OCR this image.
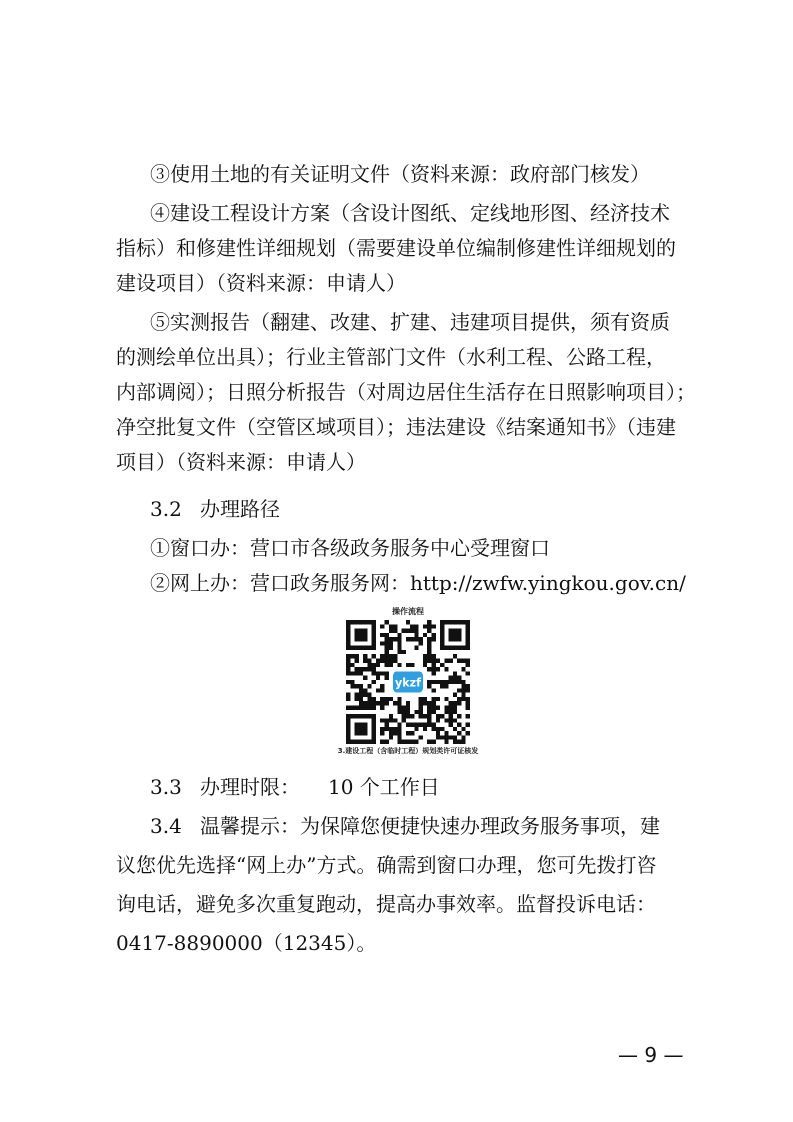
③使用土地的有关证明文件（资料来源：政府部门核发）
④建设工程设计方案（含设计图纸、定线地形图、经济技术
指标）和修建性详细规划（需要建设单位编制修建性详细规划的
建设项目）（资料来源：申请人）
⑤实测报告（翻建、改建、扩建、违建项目提供，须有资质
的测绘单位出具）；行业主管部门文件（水利工程、公路工程，
内部调阅）；日照分析报告（对周边居住生活存在日照影响项目）；
净空批复文件（空管区域项目）；违法建设《结案通知书》（违建
项目）（资料来源：申请人）
3.2 办理路径
①窗口办：营口市各级政务服务中心受理窗口
②网上办：营口政务服务网：http://zwfw.yingkou.gov.cn/
操作流程
ykzf
3.建设工程（含临时工程）规划类许可证核发
3.3 办理时限： 10 个工作日
3.4 温馨提示：为保障您便捷快速办理政务服务事项，建
议您优先选择“网上办”方式。确需到窗口办理，您可先拨打咨
询电话，避免多次重复跑动，提高办事效率。监督投诉电话：
0417-8890000（12345）。
— 9 —
